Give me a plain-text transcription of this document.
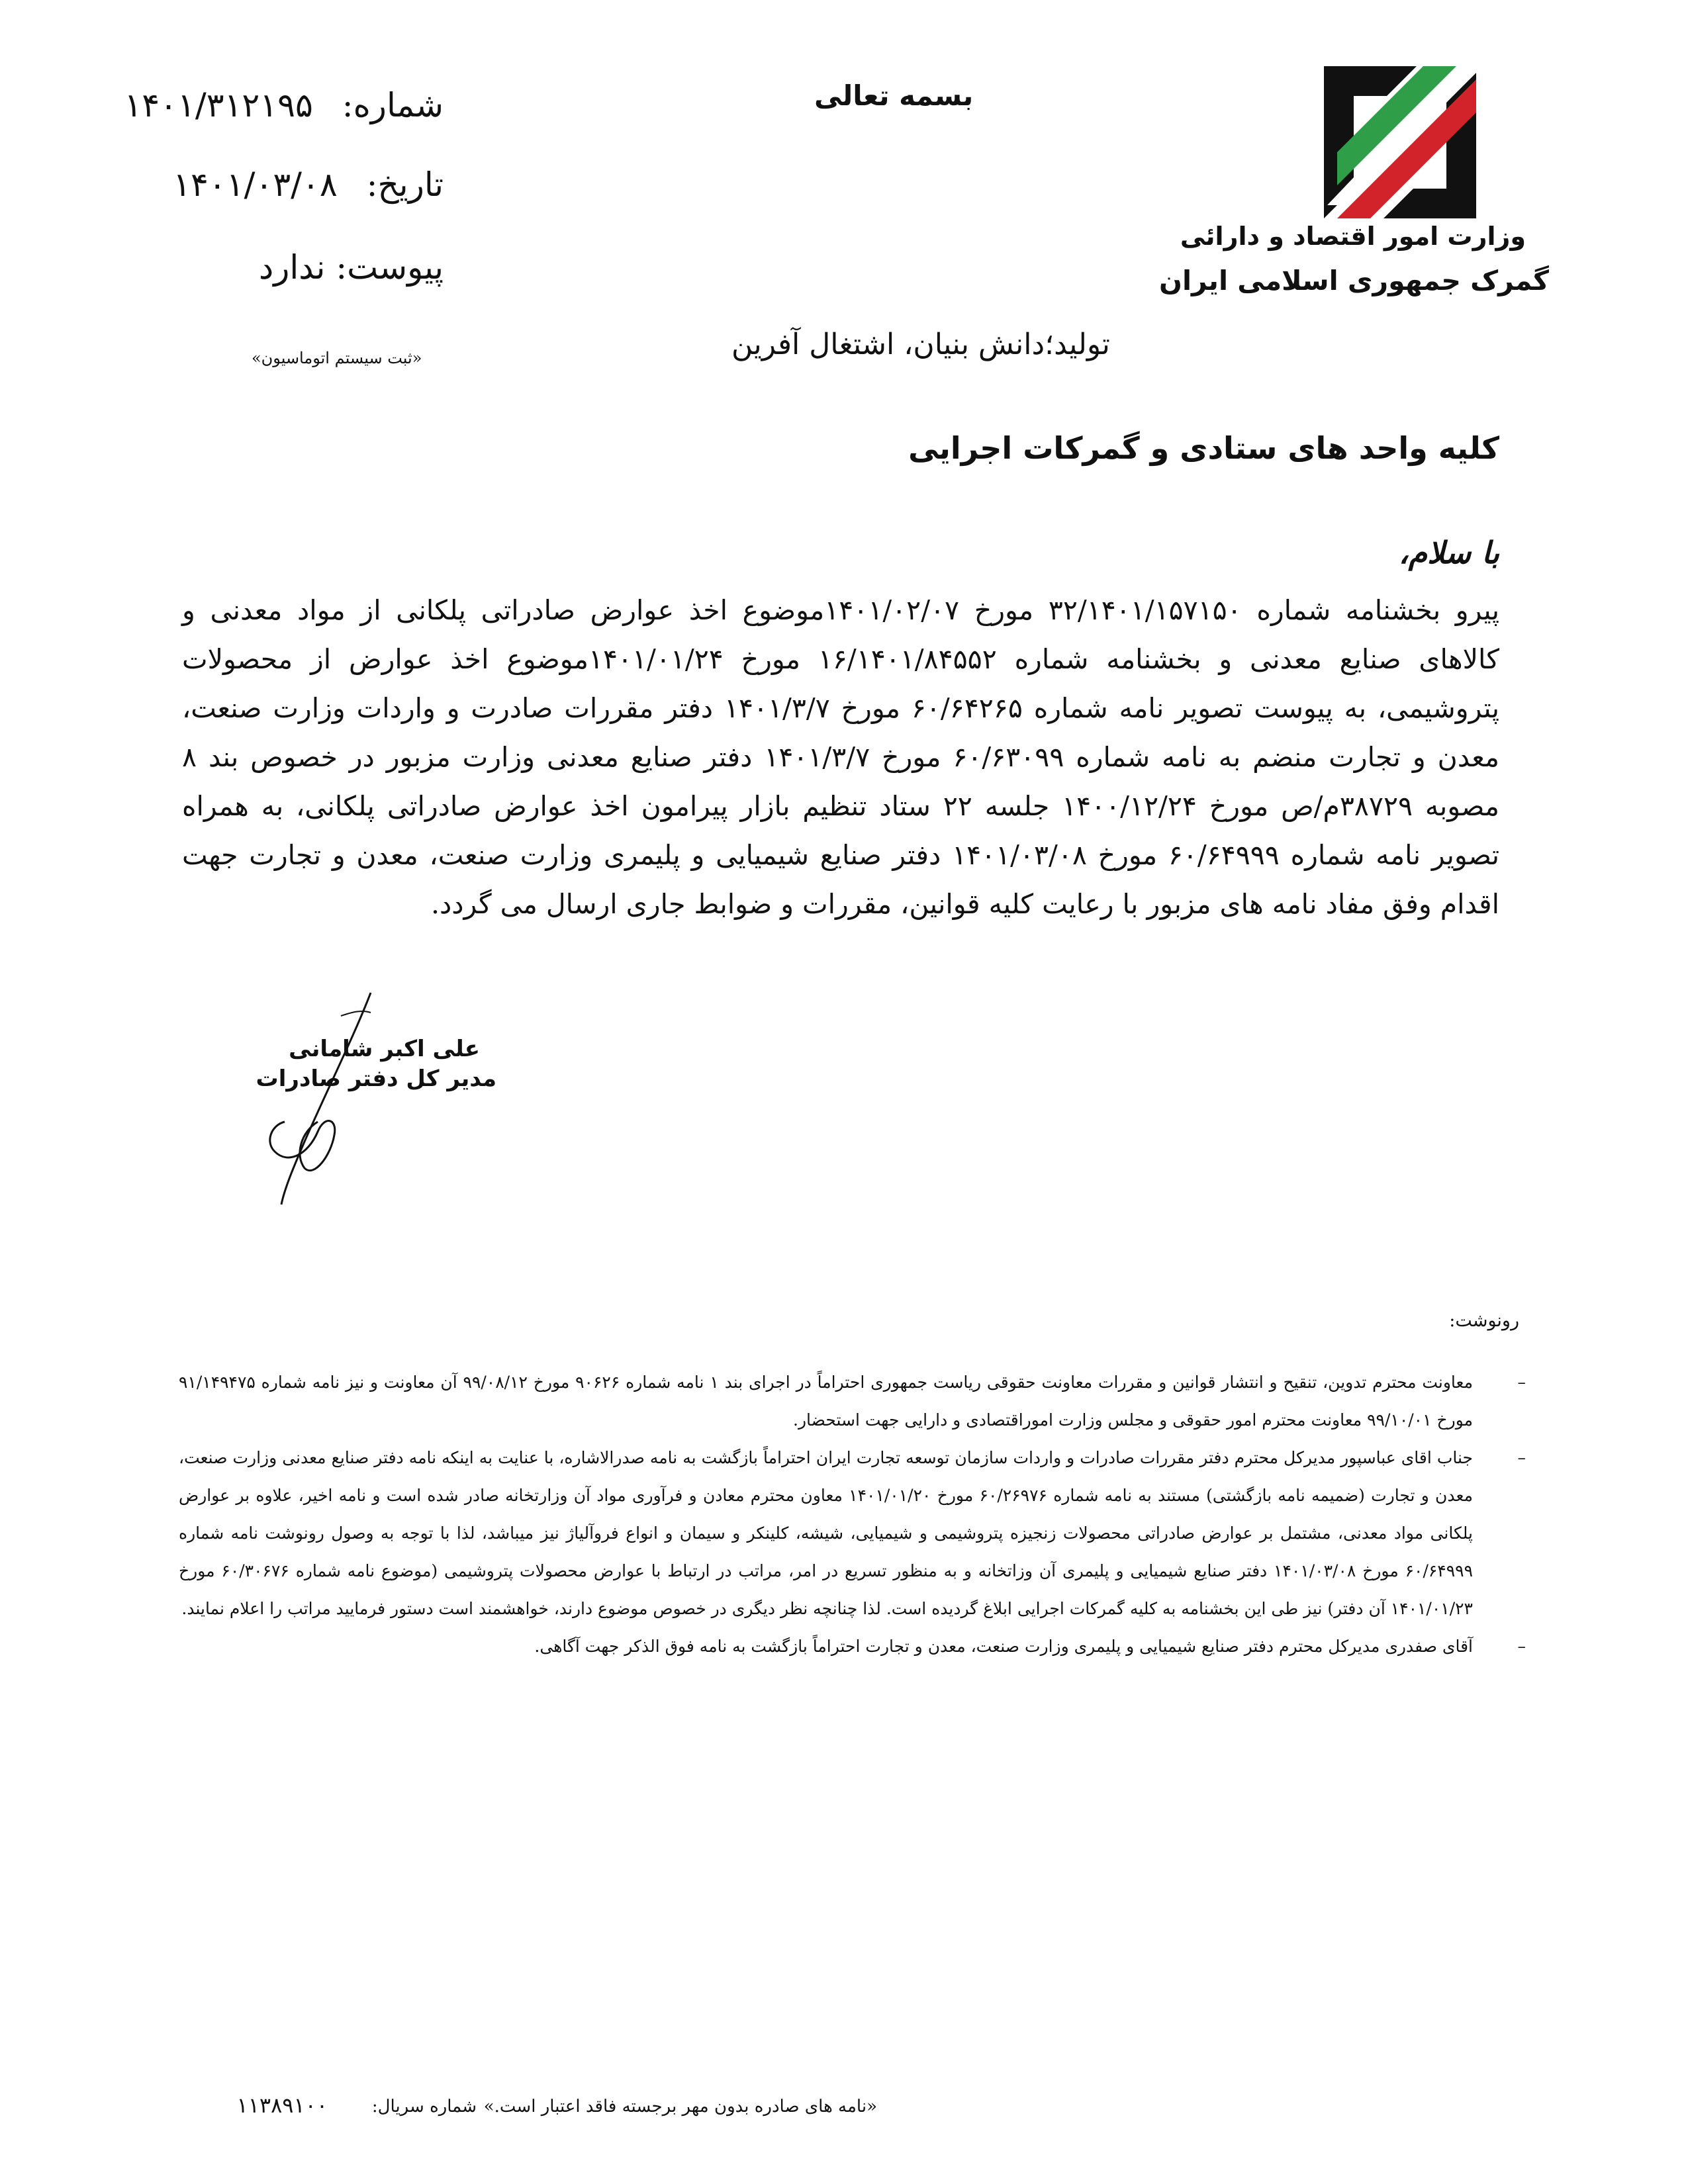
وزارت امور اقتصاد و دارائی
گمرک جمهوری اسلامی ایران
بسمه تعالی
شماره: ۱۴۰۱/۳۱۲۱۹۵
تاریخ: ۱۴۰۱/۰۳/۰۸
پیوست: ندارد
«ثبت سیستم اتوماسیون»	تولید؛دانش بنیان، اشتغال آفرین
کلیه واحد های ستادی و گمرکات اجرایی
با سلام،
پیرو بخشنامه شماره ۳۲/۱۴۰۱/۱۵۷۱۵۰ مورخ ۱۴۰۱/۰۲/۰۷موضوع اخذ عوارض صادراتی پلکانی از مواد معدنی و کالاهای صنایع معدنی و بخشنامه شماره ۱۶/۱۴۰۱/۸۴۵۵۲ مورخ ۱۴۰۱/۰۱/۲۴موضوع اخذ عوارض از محصولات پتروشیمی، به پیوست تصویر نامه شماره ۶۰/۶۴۲۶۵ مورخ ۱۴۰۱/۳/۷ دفتر مقررات صادرت و واردات وزارت صنعت، معدن و تجارت منضم به نامه شماره ۶۰/۶۳۰۹۹ مورخ ۱۴۰۱/۳/۷ دفتر صنایع معدنی وزارت مزبور در خصوص بند ۸ مصوبه ۳۸۷۲۹م/ص مورخ ۱۴۰۰/۱۲/۲۴ جلسه ۲۲ ستاد تنظیم بازار پیرامون اخذ عوارض صادراتی پلکانی، به همراه تصویر نامه شماره ۶۰/۶۴۹۹۹ مورخ ۱۴۰۱/۰۳/۰۸ دفتر صنایع شیمیایی و پلیمری وزارت صنعت، معدن و تجارت جهت اقدام وفق مفاد نامه های مزبور با رعایت کلیه قوانین، مقررات و ضوابط جاری ارسال می گردد.
علی اکبر شامانی
مدیر کل دفتر صادرات
رونوشت:
–
معاونت محترم تدوین، تنقیح و انتشار قوانین و مقررات معاونت حقوقی ریاست جمهوری احتراماً در اجرای بند ۱ نامه شماره ۹۰۶۲۶ مورخ ۹۹/۰۸/۱۲ آن معاونت و نیز نامه شماره ۹۱/۱۴۹۴۷۵ مورخ ۹۹/۱۰/۰۱ معاونت محترم امور حقوقی و مجلس وزارت اموراقتصادی و دارایی جهت استحضار.
–
جناب اقای عباسپور مدیرکل محترم دفتر مقررات صادرات و واردات سازمان توسعه تجارت ایران احتراماً بازگشت به نامه صدرالاشاره، با عنایت به اینکه نامه دفتر صنایع معدنی وزارت صنعت، معدن و تجارت (ضمیمه نامه بازگشتی) مستند به نامه شماره ۶۰/۲۶۹۷۶ مورخ ۱۴۰۱/۰۱/۲۰ معاون محترم معادن و فرآوری مواد آن وزارتخانه صادر شده است و نامه اخیر، علاوه بر عوارض پلکانی مواد معدنی، مشتمل بر عوارض صادراتی محصولات زنجیزه پتروشیمی و شیمیایی، شیشه، کلینکر و سیمان و انواع فروآلیاژ نیز میباشد، لذا با توجه به وصول رونوشت نامه شماره ۶۰/۶۴۹۹۹ مورخ ۱۴۰۱/۰۳/۰۸ دفتر صنایع شیمیایی و پلیمری آن وزاتخانه و به منظور تسریع در امر، مراتب در ارتباط با عوارض محصولات پتروشیمی (موضوع نامه شماره ۶۰/۳۰۶۷۶ مورخ ۱۴۰۱/۰۱/۲۳ آن دفتر) نیز طی این بخشنامه به کلیه گمرکات اجرایی ابلاغ گردیده است. لذا چنانچه نظر دیگری در خصوص موضوع دارند، خواهشمند است دستور فرمایید مراتب را اعلام نمایند.
–
آقای صفدری مدیرکل محترم دفتر صنایع شیمیایی و پلیمری وزارت صنعت، معدن و تجارت احتراماً بازگشت به نامه فوق الذکر جهت آگاهی.
«نامه های صادره بدون مهر برجسته فاقد اعتبار است.»
شماره سریال:
۱۱۳۸۹۱۰۰
